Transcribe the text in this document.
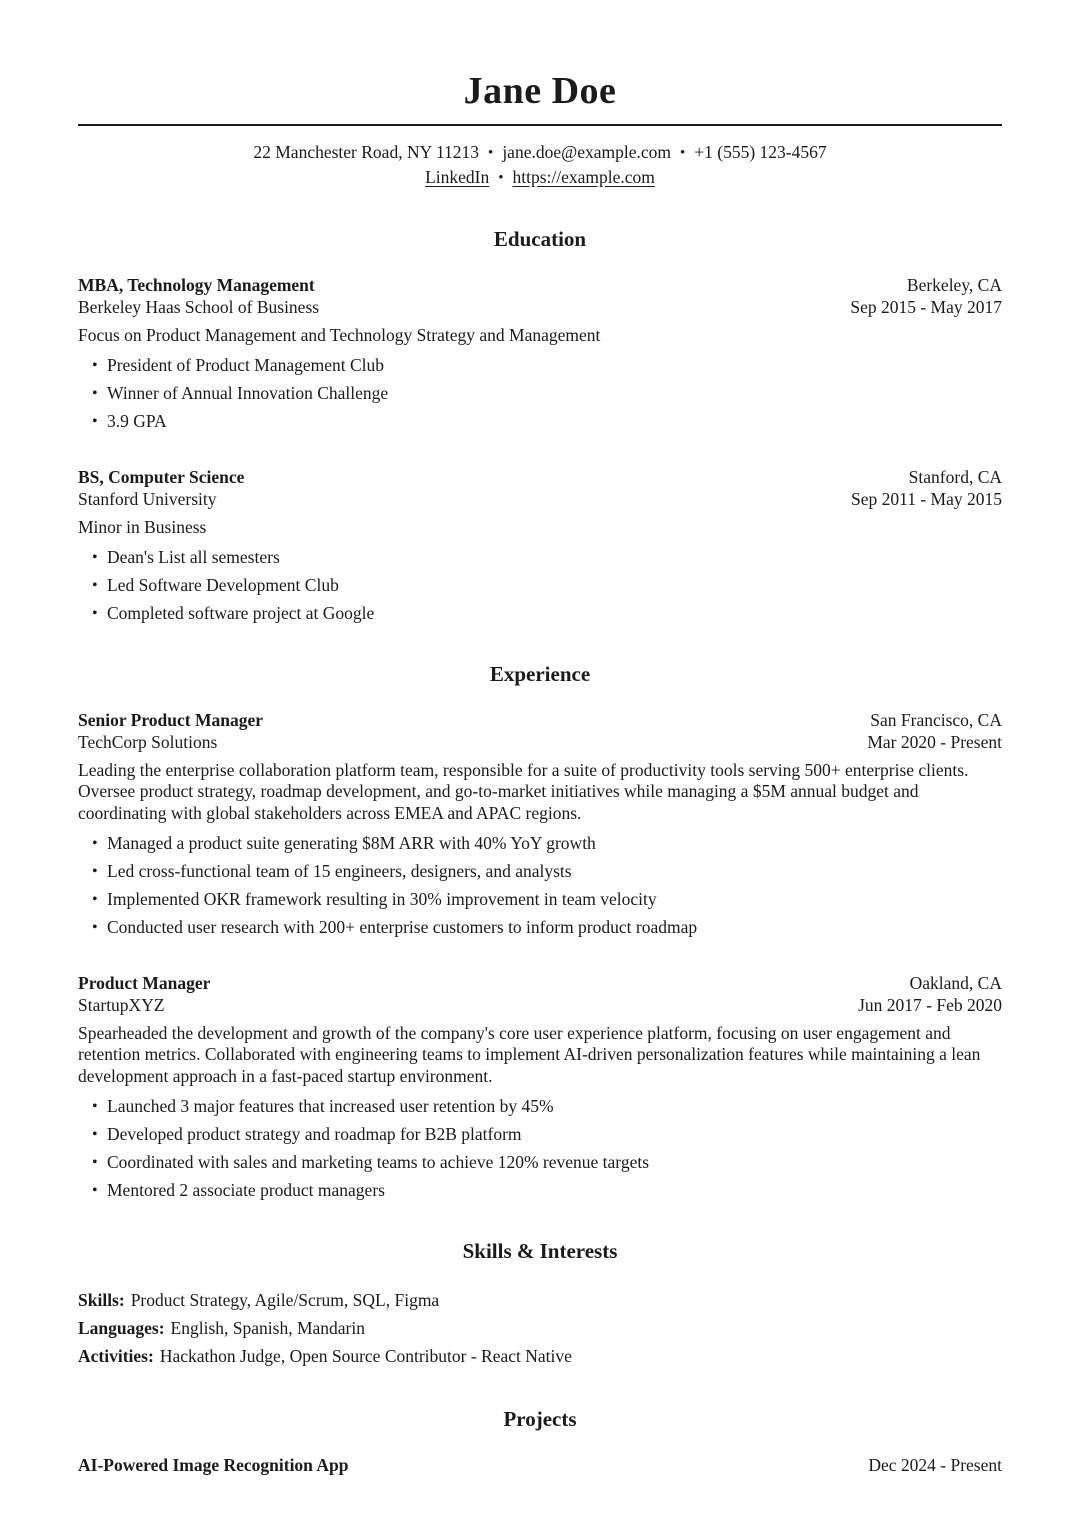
Jane Doe
22 Manchester Road, NY 11213 • jane.doe@example.com • +1 (555) 123-4567
LinkedIn • https://example.com
Education
MBA, Technology Management
Berkeley Haas School of Business
Berkeley, CA
Sep 2015 - May 2017

Focus on Product Management and Technology Strategy and Management

• President of Product Management Club
• Winner of Annual Innovation Challenge
• 3.9 GPA
BS, Computer Science
Stanford University
Stanford, CA
Sep 2011 - May 2015

Minor in Business

• Dean's List all semesters
• Led Software Development Club
• Completed software project at Google
Experience
Senior Product Manager
TechCorp Solutions
San Francisco, CA
Mar 2020 - Present

Leading the enterprise collaboration platform team, responsible for a suite of productivity tools serving 500+ enterprise clients. Oversee product strategy, roadmap development, and go-to-market initiatives while managing a $5M annual budget and coordinating with global stakeholders across EMEA and APAC regions.

• Managed a product suite generating $8M ARR with 40% YoY growth
• Led cross-functional team of 15 engineers, designers, and analysts
• Implemented OKR framework resulting in 30% improvement in team velocity
• Conducted user research with 200+ enterprise customers to inform product roadmap
Product Manager
StartupXYZ
Oakland, CA
Jun 2017 - Feb 2020

Spearheaded the development and growth of the company's core user experience platform, focusing on user engagement and retention metrics. Collaborated with engineering teams to implement AI-driven personalization features while maintaining a lean development approach in a fast-paced startup environment.

• Launched 3 major features that increased user retention by 45%
• Developed product strategy and roadmap for B2B platform
• Coordinated with sales and marketing teams to achieve 120% revenue targets
• Mentored 2 associate product managers
Skills & Interests

Skills: Product Strategy, Agile/Scrum, SQL, Figma

Languages: English, Spanish, Mandarin

Activities: Hackathon Judge, Open Source Contributor - React Native

Projects
AI-Powered Image Recognition App	Dec 2024 - Present
